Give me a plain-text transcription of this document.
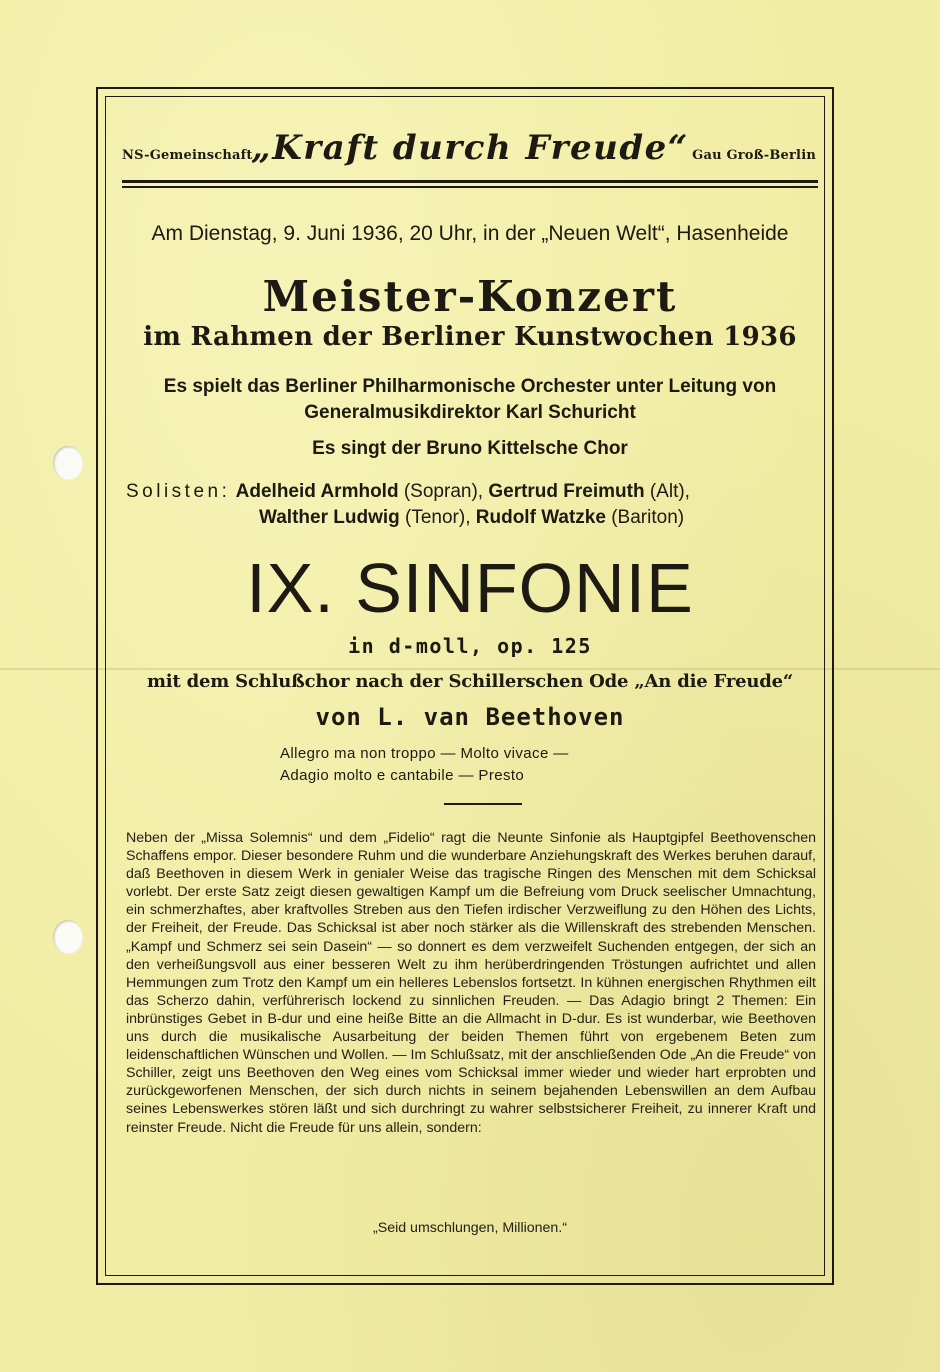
NS-Gemeinschaft
„Kraft durch Freude“ Gau Groß-Berlin
Am Dienstag, 9. Juni 1936, 20 Uhr, in der „Neuen Welt“, Hasenheide
Meister-Konzert
im Rahmen der Berliner Kunstwochen 1936
Es spielt das Berliner Philharmonische Orchester unter Leitung von
Generalmusikdirektor Karl Schuricht
Es singt der Bruno Kittelsche Chor
Solisten: Adelheid Armhold (Sopran), Gertrud Freimuth (Alt),
Walther Ludwig (Tenor), Rudolf Watzke (Bariton)
IX. SINFONIE
in d-moll, op. 125
mit dem Schlußchor nach der Schillerschen Ode „An die Freude“
von L. van Beethoven
Allegro ma non troppo — Molto vivace —
Adagio molto e cantabile — Presto

Neben der „Missa Solemnis“ und dem „Fidelio“ ragt die Neunte Sinfonie als Hauptgipfel Beethovenschen Schaffens empor. Dieser besondere Ruhm und die wunderbare Anziehungskraft des Werkes beruhen darauf, daß Beethoven in diesem Werk in genialer Weise das tragische Ringen des Menschen mit dem Schicksal vorlebt. Der erste Satz zeigt diesen gewaltigen Kampf um die Befreiung vom Druck seelischer Umnachtung, ein schmerzhaftes, aber kraftvolles Streben aus den Tiefen irdischer Verzweiflung zu den Höhen des Lichts, der Freiheit, der Freude. Das Schicksal ist aber noch stärker als die Willenskraft des strebenden Menschen. „Kampf und Schmerz sei sein Dasein“ — so donnert es dem verzweifelt Suchenden entgegen, der sich an den verheißungsvoll aus einer besseren Welt zu ihm herüberdringenden Tröstungen aufrichtet und allen Hemmungen zum Trotz den Kampf um ein helleres Lebenslos fortsetzt. In kühnen energischen Rhythmen eilt das Scherzo dahin, verführerisch lockend zu sinnlichen Freuden. — Das Adagio bringt 2 Themen: Ein inbrünstiges Gebet in B-dur und eine heiße Bitte an die Allmacht in D-dur. Es ist wunderbar, wie Beethoven uns durch die musikalische Ausarbeitung der beiden Themen führt von ergebenem Beten zum leidenschaftlichen Wünschen und Wollen. — Im Schlußsatz, mit der anschließenden Ode „An die Freude“ von Schiller, zeigt uns Beethoven den Weg eines vom Schicksal immer wieder und wieder hart erprobten und zurückgeworfenen Menschen, der sich durch nichts in seinem bejahenden Lebenswillen an dem Aufbau seines Lebenswerkes stören läßt und sich durchringt zu wahrer selbstsicherer Freiheit, zu innerer Kraft und reinster Freude. Nicht die Freude für uns allein, sondern:

„Seid umschlungen, Millionen.“
